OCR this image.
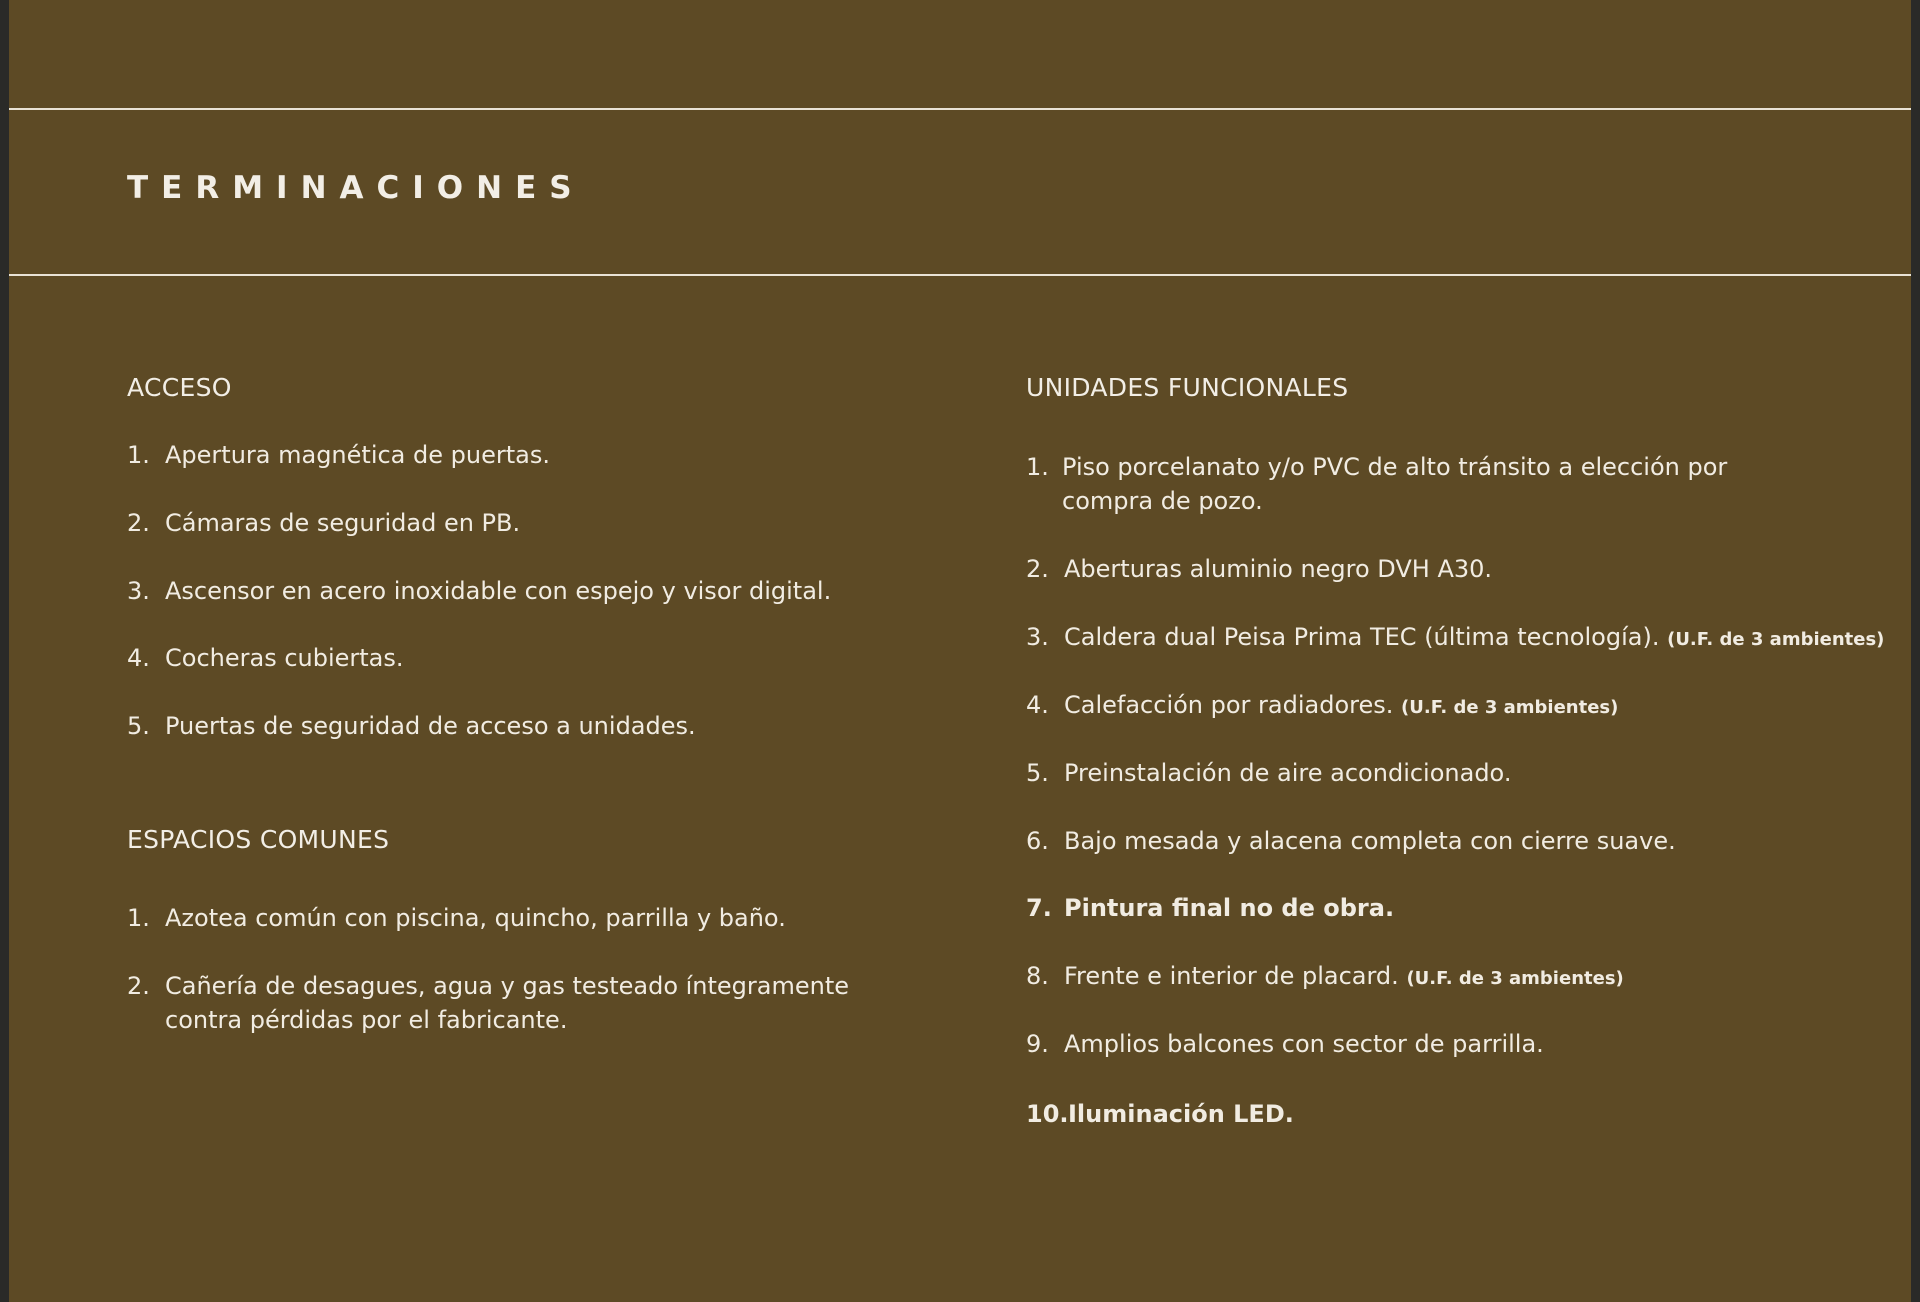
TERMINACIONES
ACCESO
1. Apertura magnética de puertas.
2. Cámaras de seguridad en PB.
3. Ascensor en acero inoxidable con espejo y visor digital.
4. Cocheras cubiertas.
5. Puertas de seguridad de acceso a unidades.
ESPACIOS COMUNES
1. Azotea común con piscina, quincho, parrilla y baño.
2. Cañería de desagues, agua y gas testeado íntegramente
contra pérdidas por el fabricante.
UNIDADES FUNCIONALES
1. Piso porcelanato y/o PVC de alto tránsito a elección por
compra de pozo.
2. Aberturas aluminio negro DVH A30.
3. Caldera dual Peisa Prima TEC (última tecnología). (U.F. de 3 ambientes)
4. Calefacción por radiadores. (U.F. de 3 ambientes)
5. Preinstalación de aire acondicionado.
6. Bajo mesada y alacena completa con cierre suave.
7. Pintura final no de obra.
8. Frente e interior de placard. (U.F. de 3 ambientes)
9. Amplios balcones con sector de parrilla.
10.Iluminación LED.
